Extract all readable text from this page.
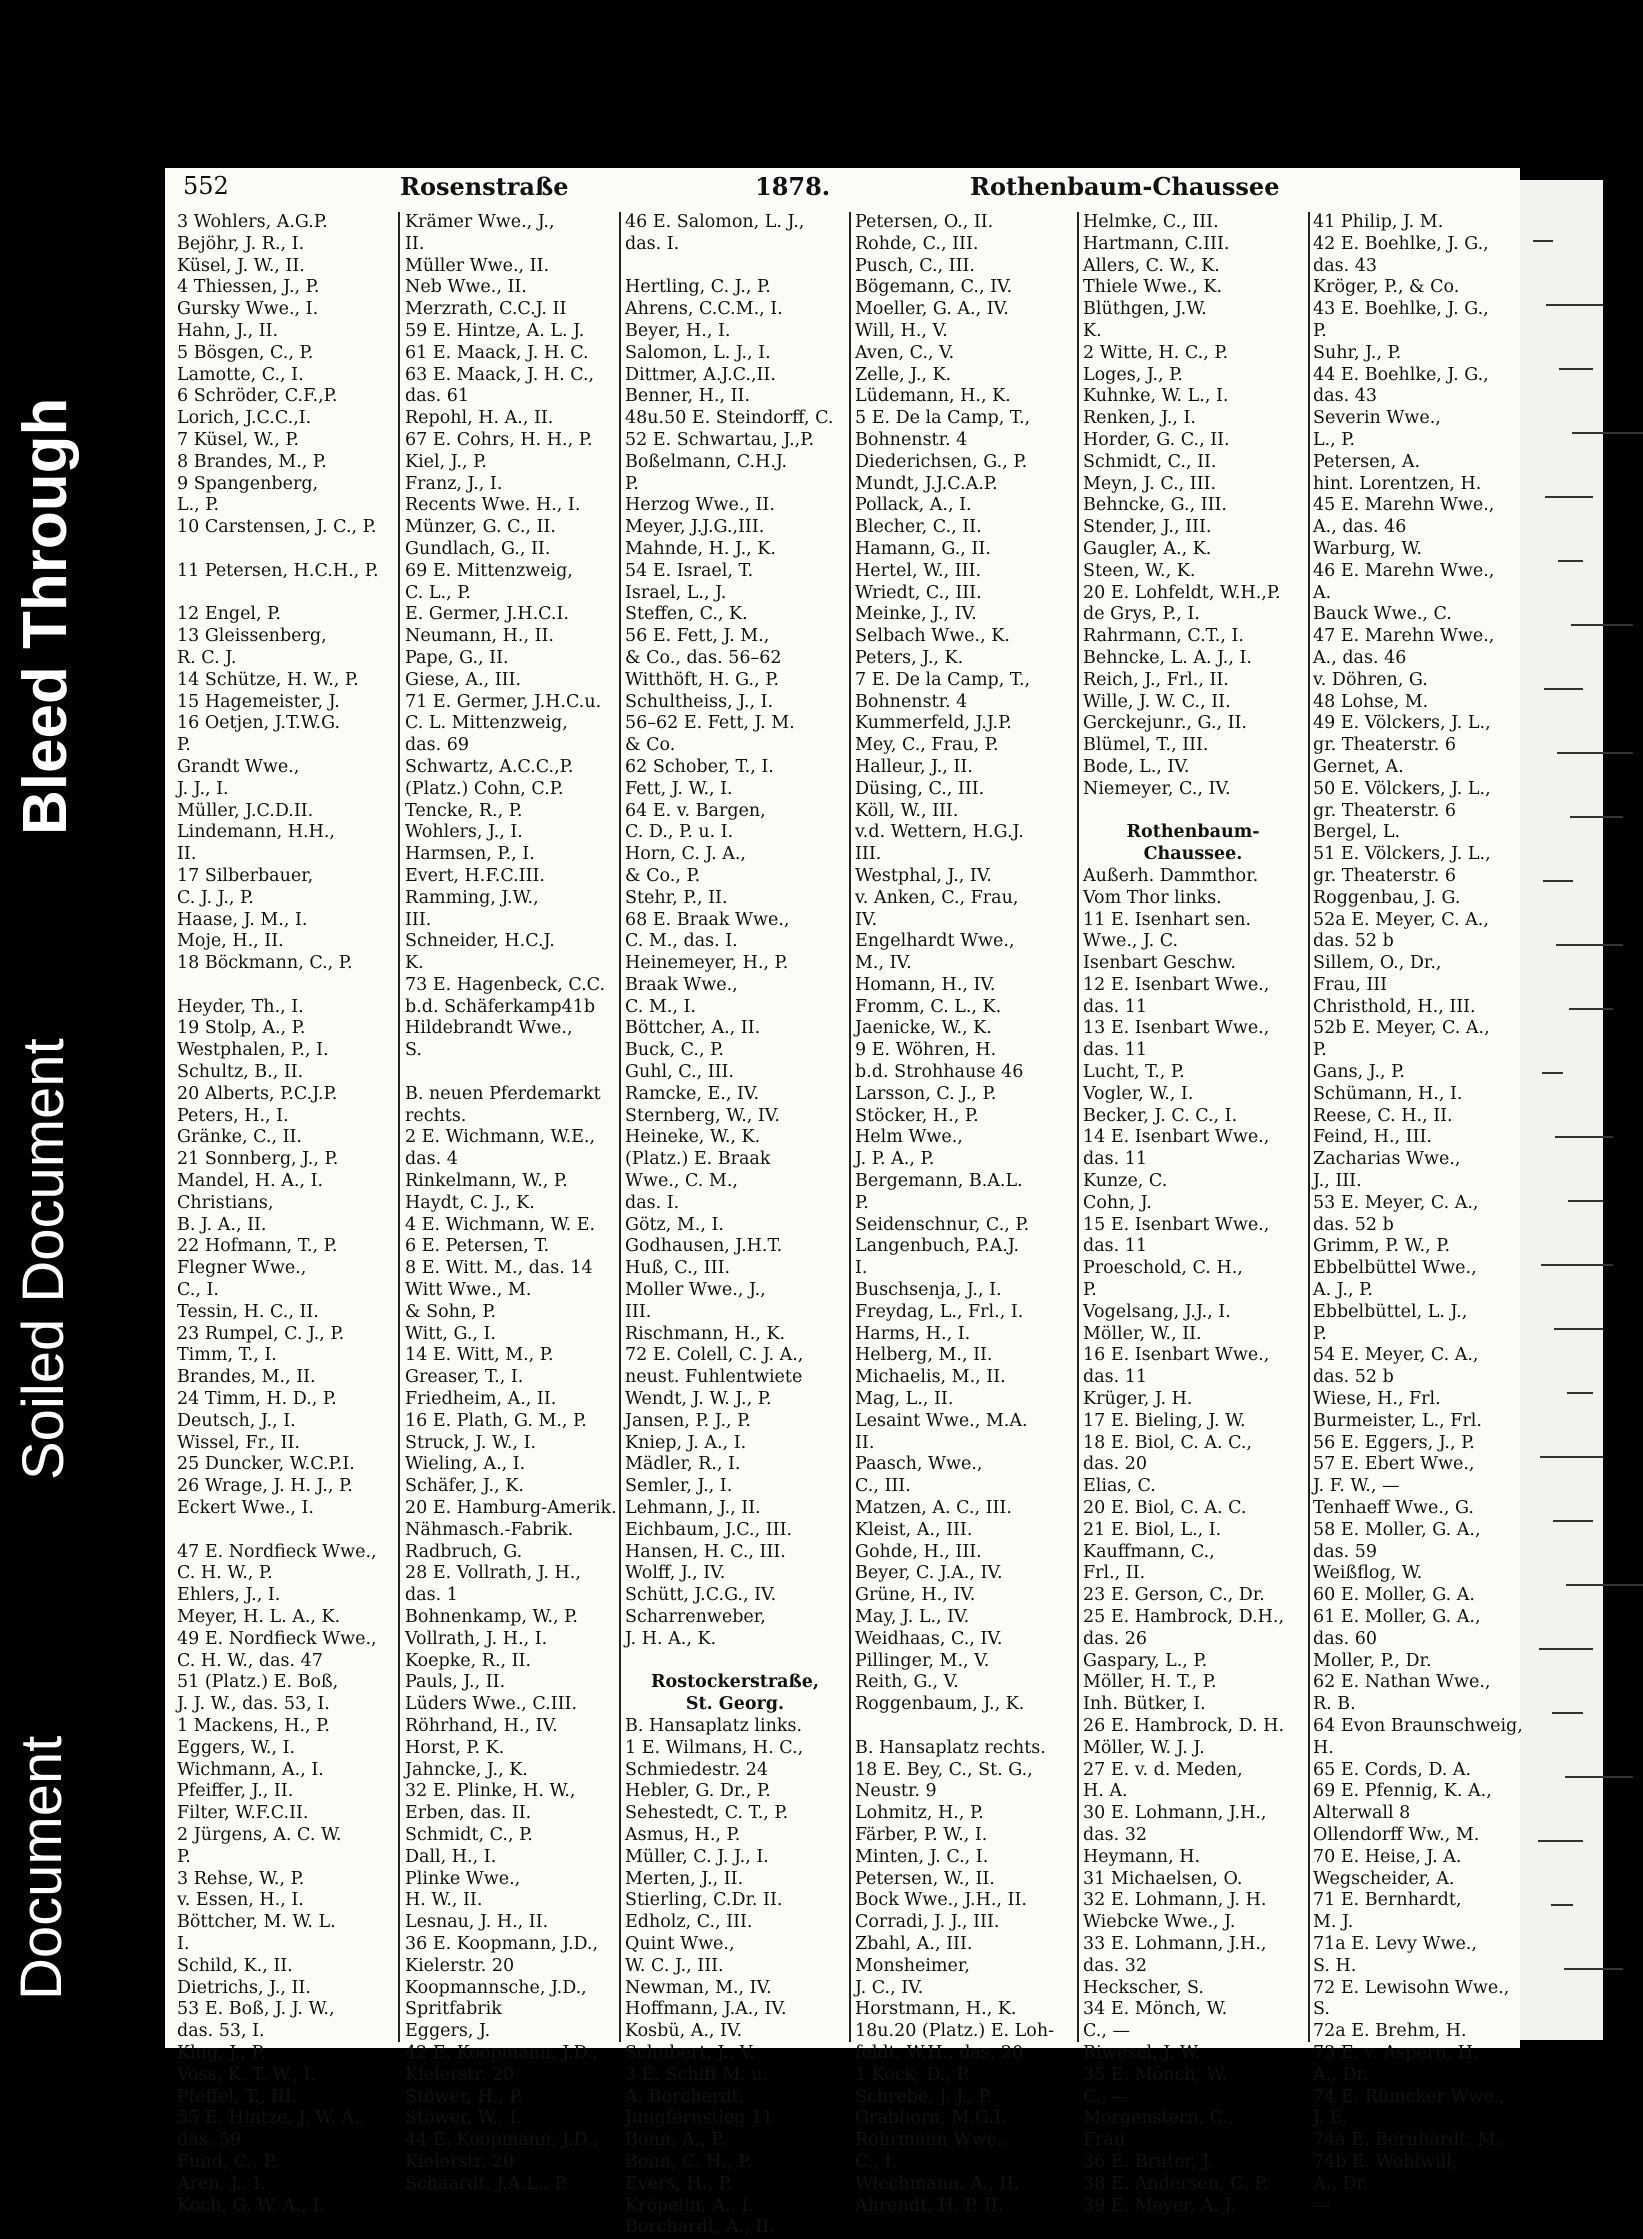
Bleed Through
Soiled Document
Document
552	Rosenstraße	1878.	Rothenbaum-Chaussee
3 Wohlers, A.G.P.
Bejöhr, J. R., I.
Küsel, J. W., II.
4 Thiessen, J., P.
Gursky Wwe., I.
Hahn, J., II.
5 Bösgen, C., P.
Lamotte, C., I.
6 Schröder, C.F.,P.
Lorich, J.C.C.,I.
7 Küsel, W., P.
8 Brandes, M., P.
9 Spangenberg,
L., P.
10 Carstensen, J. C., P.
11 Petersen, H.C.H., P.
12 Engel, P.
13 Gleissenberg,
R. C. J.
14 Schütze, H. W., P.
15 Hagemeister, J.
16 Oetjen, J.T.W.G.
P.
Grandt Wwe.,
J. J., I.
Müller, J.C.D.II.
Lindemann, H.H.,
II.
17 Silberbauer,
C. J. J., P.
Haase, J. M., I.
Moje, H., II.
18 Böckmann, C., P.
Heyder, Th., I.
19 Stolp, A., P.
Westphalen, P., I.
Schultz, B., II.
20 Alberts, P.C.J.P.
Peters, H., I.
Gränke, C., II.
21 Sonnberg, J., P.
Mandel, H. A., I.
Christians,
B. J. A., II.
22 Hofmann, T., P.
Flegner Wwe.,
C., I.
Tessin, H. C., II.
23 Rumpel, C. J., P.
Timm, T., I.
Brandes, M., II.
24 Timm, H. D., P.
Deutsch, J., I.
Wissel, Fr., II.
25 Duncker, W.C.P.I.
26 Wrage, J. H. J., P.
Eckert Wwe., I.
47 E. Nordfieck Wwe.,
C. H. W., P.
Ehlers, J., I.
Meyer, H. L. A., K.
49 E. Nordfieck Wwe.,
C. H. W., das. 47
51 (Platz.) E. Boß,
J. J. W., das. 53, I.
1 Mackens, H., P.
Eggers, W., I.
Wichmann, A., I.
Pfeiffer, J., II.
Filter, W.F.C.II.
2 Jürgens, A. C. W.
P.
3 Rehse, W., P.
v. Essen, H., I.
Böttcher, M. W. L.
I.
Schild, K., II.
Dietrichs, J., II.
53 E. Boß, J. J. W.,
das. 53, I.
Klug, J., P.
Voss, K. T. W., I.
Pfeffel, T., III.
55 E. Hintze, J. W. A.,
das. 59
Fund, C., P.
Aren, J., I.
Koch, G. W. A., I.
Krämer Wwe., J.,
II.
Müller Wwe., II.
Neb Wwe., II.
Merzrath, C.C.J. II
59 E. Hintze, A. L. J.
61 E. Maack, J. H. C.
63 E. Maack, J. H. C.,
das. 61
Repohl, H. A., II.
67 E. Cohrs, H. H., P.
Kiel, J., P.
Franz, J., I.
Recents Wwe. H., I.
Münzer, G. C., II.
Gundlach, G., II.
69 E. Mittenzweig,
C. L., P.
E. Germer, J.H.C.I.
Neumann, H., II.
Pape, G., II.
Giese, A., III.
71 E. Germer, J.H.C.u.
C. L. Mittenzweig,
das. 69
Schwartz, A.C.C.,P.
(Platz.) Cohn, C.P.
Tencke, R., P.
Wohlers, J., I.
Harmsen, P., I.
Evert, H.F.C.III.
Ramming, J.W.,
III.
Schneider, H.C.J.
K.
73 E. Hagenbeck, C.C.
b.d. Schäferkamp41b
Hildebrandt Wwe.,
S.
B. neuen Pferdemarkt
rechts.
2 E. Wichmann, W.E.,
das. 4
Rinkelmann, W., P.
Haydt, C. J., K.
4 E. Wichmann, W. E.
6 E. Petersen, T.
8 E. Witt. M., das. 14
Witt Wwe., M.
& Sohn, P.
Witt, G., I.
14 E. Witt, M., P.
Greaser, T., I.
Friedheim, A., II.
16 E. Plath, G. M., P.
Struck, J. W., I.
Wieling, A., I.
Schäfer, J., K.
20 E. Hamburg-Amerik.
Nähmasch.-Fabrik.
Radbruch, G.
28 E. Vollrath, J. H.,
das. 1
Bohnenkamp, W., P.
Vollrath, J. H., I.
Koepke, R., II.
Pauls, J., II.
Lüders Wwe., C.III.
Röhrhand, H., IV.
Horst, P. K.
Jahncke, J., K.
32 E. Plinke, H. W.,
Erben, das. II.
Schmidt, C., P.
Dall, H., I.
Plinke Wwe.,
H. W., II.
Lesnau, J. H., II.
36 E. Koopmann, J.D.,
Kielerstr. 20
Koopmannsche, J.D.,
Spritfabrik
Eggers, J.
42 E. Koopmann, J.D.,
Kielerstr. 20
Stöwer, H., P.
Stöwer, W., I.
44 E. Koopmann, J.D.,
Kielerstr. 20
Schaardt, J.A.L., P.
46 E. Salomon, L. J.,
das. I.
Hertling, C. J., P.
Ahrens, C.C.M., I.
Beyer, H., I.
Salomon, L. J., I.
Dittmer, A.J.C.,II.
Benner, H., II.
48u.50 E. Steindorff, C.
52 E. Schwartau, J.,P.
Boßelmann, C.H.J.
P.
Herzog Wwe., II.
Meyer, J.J.G.,III.
Mahnde, H. J., K.
54 E. Israel, T.
Israel, L., J.
Steffen, C., K.
56 E. Fett, J. M.,
& Co., das. 56–62
Witthöft, H. G., P.
Schultheiss, J., I.
56–62 E. Fett, J. M.
& Co.
62 Schober, T., I.
Fett, J. W., I.
64 E. v. Bargen,
C. D., P. u. I.
Horn, C. J. A.,
& Co., P.
Stehr, P., II.
68 E. Braak Wwe.,
C. M., das. I.
Heinemeyer, H., P.
Braak Wwe.,
C. M., I.
Böttcher, A., II.
Buck, C., P.
Guhl, C., III.
Ramcke, E., IV.
Sternberg, W., IV.
Heineke, W., K.
(Platz.) E. Braak
Wwe., C. M.,
das. I.
Götz, M., I.
Godhausen, J.H.T.
Huß, C., III.
Moller Wwe., J.,
III.
Rischmann, H., K.
72 E. Colell, C. J. A.,
neust. Fuhlentwiete
Wendt, J. W. J., P.
Jansen, P. J., P.
Kniep, J. A., I.
Mädler, R., I.
Semler, J., I.
Lehmann, J., II.
Eichbaum, J.C., III.
Hansen, H. C., III.
Wolff, J., IV.
Schütt, J.C.G., IV.
Scharrenweber,
J. H. A., K.
Rostockerstraße,
St. Georg.
B. Hansaplatz links.
1 E. Wilmans, H. C.,
Schmiedestr. 24
Hebler, G. Dr., P.
Sehestedt, C. T., P.
Asmus, H., P.
Müller, C. J. J., I.
Merten, J., II.
Stierling, C.Dr. II.
Edholz, C., III.
Quint Wwe.,
W. C. J., III.
Newman, M., IV.
Hoffmann, J.A., IV.
Kosbü, A., IV.
Schubert, J., V.
3 E. Schiff M. u.
A. Borchardt,
Jungfernstieg 11
Bonn, A., P.
Bonn, C. H., P.
Evers, H., P.
Kröpelin, A., I.
Borchardt, A., II.
Petersen, O., II.
Rohde, C., III.
Pusch, C., III.
Bögemann, C., IV.
Moeller, G. A., IV.
Will, H., V.
Aven, C., V.
Zelle, J., K.
Lüdemann, H., K.
5 E. De la Camp, T.,
Bohnenstr. 4
Diederichsen, G., P.
Mundt, J.J.C.A.P.
Pollack, A., I.
Blecher, C., II.
Hamann, G., II.
Hertel, W., III.
Wriedt, C., III.
Meinke, J., IV.
Selbach Wwe., K.
Peters, J., K.
7 E. De la Camp, T.,
Bohnenstr. 4
Kummerfeld, J.J.P.
Mey, C., Frau, P.
Halleur, J., II.
Düsing, C., III.
Köll, W., III.
v.d. Wettern, H.G.J.
III.
Westphal, J., IV.
v. Anken, C., Frau,
IV.
Engelhardt Wwe.,
M., IV.
Homann, H., IV.
Fromm, C. L., K.
Jaenicke, W., K.
9 E. Wöhren, H.
b.d. Strohhause 46
Larsson, C. J., P.
Stöcker, H., P.
Helm Wwe.,
J. P. A., P.
Bergemann, B.A.L.
P.
Seidenschnur, C., P.
Langenbuch, P.A.J.
I.
Buschsenja, J., I.
Freydag, L., Frl., I.
Harms, H., I.
Helberg, M., II.
Michaelis, M., II.
Mag, L., II.
Lesaint Wwe., M.A.
II.
Paasch, Wwe.,
C., III.
Matzen, A. C., III.
Kleist, A., III.
Gohde, H., III.
Beyer, C. J.A., IV.
Grüne, H., IV.
May, J. L., IV.
Weidhaas, C., IV.
Pillinger, M., V.
Reith, G., V.
Roggenbaum, J., K.
B. Hansaplatz rechts.
18 E. Bey, C., St. G.,
Neustr. 9
Lohmitz, H., P.
Färber, P. W., I.
Minten, J. C., I.
Petersen, W., II.
Bock Wwe., J.H., II.
Corradi, J. J., III.
Zbahl, A., III.
Monsheimer,
J. C., IV.
Horstmann, H., K.
18u.20 (Platz.) E. Loh-
feldt, W.H., das. 20
1 Kock, D., P.
Schrebe, J. J., P.
Grabhorn, M.G.I.
Rohrmann Wwe.,
C., I.
Wiechmann, A., II.
Ahrendt, H. P. II.
Helmke, C., III.
Hartmann, C.III.
Allers, C. W., K.
Thiele Wwe., K.
Blüthgen, J.W.
K.
2 Witte, H. C., P.
Loges, J., P.
Kuhnke, W. L., I.
Renken, J., I.
Horder, G. C., II.
Schmidt, C., II.
Meyn, J. C., III.
Behncke, G., III.
Stender, J., III.
Gaugler, A., K.
Steen, W., K.
20 E. Lohfeldt, W.H.,P.
de Grys, P., I.
Rahrmann, C.T., I.
Behncke, L. A. J., I.
Reich, J., Frl., II.
Wille, J. W. C., II.
Gerckejunr., G., II.
Blümel, T., III.
Bode, L., IV.
Niemeyer, C., IV.
Rothenbaum-
Chaussee.
Außerh. Dammthor.
Vom Thor links.
11 E. Isenhart sen.
Wwe., J. C.
Isenbart Geschw.
12 E. Isenbart Wwe.,
das. 11
13 E. Isenbart Wwe.,
das. 11
Lucht, T., P.
Vogler, W., I.
Becker, J. C. C., I.
14 E. Isenbart Wwe.,
das. 11
Kunze, C.
Cohn, J.
15 E. Isenbart Wwe.,
das. 11
Proeschold, C. H.,
P.
Vogelsang, J.J., I.
Möller, W., II.
16 E. Isenbart Wwe.,
das. 11
Krüger, J. H.
17 E. Bieling, J. W.
18 E. Biol, C. A. C.,
das. 20
Elias, C.
20 E. Biol, C. A. C.
21 E. Biol, L., I.
Kauffmann, C.,
Frl., II.
23 E. Gerson, C., Dr.
25 E. Hambrock, D.H.,
das. 26
Gaspary, L., P.
Möller, H. T., P.
Inh. Bütker, I.
26 E. Hambrock, D. H.
Möller, W. J. J.
27 E. v. d. Meden,
H. A.
30 E. Lohmann, J.H.,
das. 32
Heymann, H.
31 Michaelsen, O.
32 E. Lohmann, J. H.
Wiebcke Wwe., J.
33 E. Lohmann, J.H.,
das. 32
Heckscher, S.
34 E. Mönch, W.
C., —
Riwesel, J. W.
35 E. Mönch, W.
C., —
Morgenstern, C.,
Frau
36 E. Bruter, J.
38 E. Andersen, C. P.
39 E. Meyer, A. J.
41 Philip, J. M.
42 E. Boehlke, J. G.,
das. 43
Kröger, P., & Co.
43 E. Boehlke, J. G.,
P.
Suhr, J., P.
44 E. Boehlke, J. G.,
das. 43
Severin Wwe.,
L., P.
Petersen, A.
hint. Lorentzen, H.
45 E. Marehn Wwe.,
A., das. 46
Warburg, W.
46 E. Marehn Wwe.,
A.
Bauck Wwe., C.
47 E. Marehn Wwe.,
A., das. 46
v. Döhren, G.
48 Lohse, M.
49 E. Völckers, J. L.,
gr. Theaterstr. 6
Gernet, A.
50 E. Völckers, J. L.,
gr. Theaterstr. 6
Bergel, L.
51 E. Völckers, J. L.,
gr. Theaterstr. 6
Roggenbau, J. G.
52a E. Meyer, C. A.,
das. 52 b
Sillem, O., Dr.,
Frau, III
Christhold, H., III.
52b E. Meyer, C. A.,
P.
Gans, J., P.
Schümann, H., I.
Reese, C. H., II.
Feind, H., III.
Zacharias Wwe.,
J., III.
53 E. Meyer, C. A.,
das. 52 b
Grimm, P. W., P.
Ebbelbüttel Wwe.,
A. J., P.
Ebbelbüttel, L. J.,
P.
54 E. Meyer, C. A.,
das. 52 b
Wiese, H., Frl.
Burmeister, L., Frl.
56 E. Eggers, J., P.
57 E. Ebert Wwe.,
J. F. W., —
Tenhaeff Wwe., G.
58 E. Moller, G. A.,
das. 59
Weißflog, W.
60 E. Moller, G. A.
61 E. Moller, G. A.,
das. 60
Moller, P., Dr.
62 E. Nathan Wwe.,
R. B.
64 Evon Braunschweig,
H.
65 E. Cords, D. A.
69 E. Pfennig, K. A.,
Alterwall 8
Ollendorff Ww., M.
70 E. Heise, J. A.
Wegscheider, A.
71 E. Bernhardt,
M. J.
71a E. Levy Wwe.,
S. H.
72 E. Lewisohn Wwe.,
S.
72a E. Brehm, H.
73 E. v. Aspern, H.
A., Dr.
74 E. Rümcker Wwe.,
J. E.
74a E. Bernhardt, M.
74b E. Wohlwill,
A., Dr.
—
